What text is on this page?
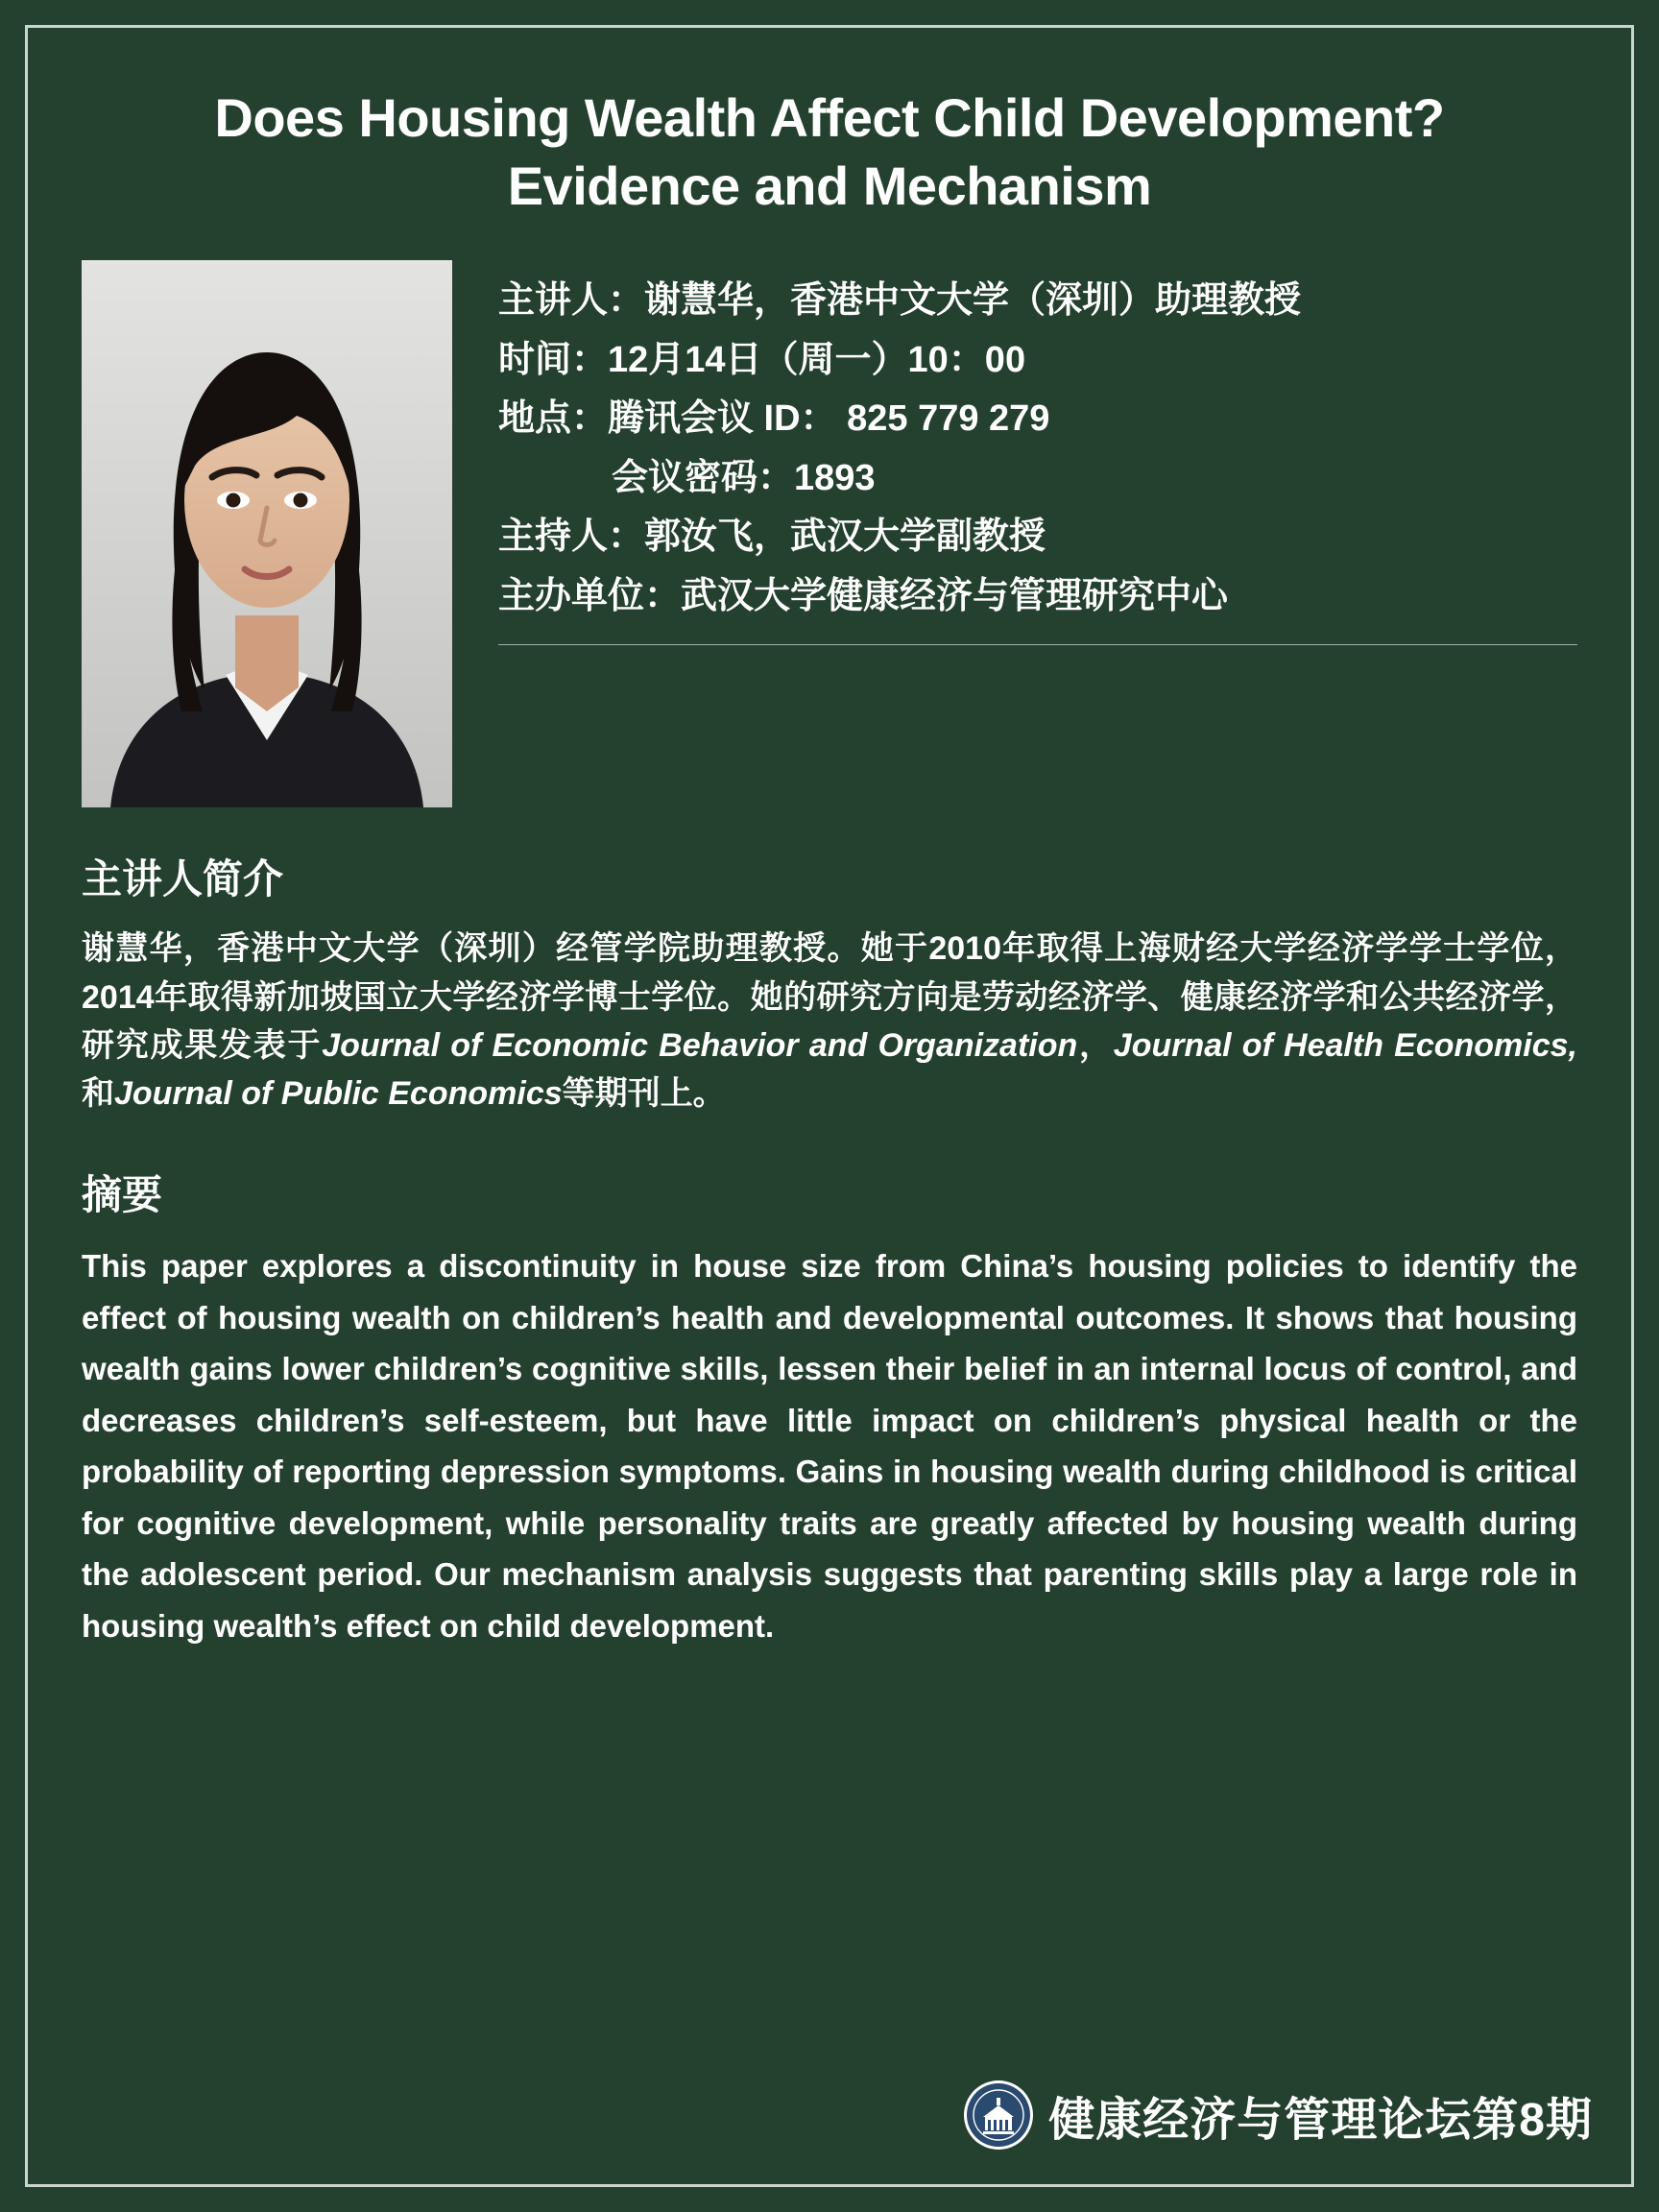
Does Housing Wealth Affect Child Development?
Evidence and Mechanism
主讲人：谢慧华，香港中文大学（深圳）助理教授
时间：12月14日（周一）10：00
地点：腾讯会议 ID： 825 779 279
会议密码：1893
主持人：郭汝飞，武汉大学副教授
主办单位：武汉大学健康经济与管理研究中心
主讲人简介
谢慧华，香港中文大学（深圳）经管学院助理教授。她于2010年取得上海财经大学经济学学士学位，2014年取得新加坡国立大学经济学博士学位。她的研究方向是劳动经济学、健康经济学和公共经济学，研究成果发表于Journal of Economic Behavior and Organization，Journal of Health Economics,和Journal of Public Economics等期刊上。
摘要
This paper explores a discontinuity in house size from China’s housing policies to identify the effect of housing wealth on children’s health and developmental outcomes. It shows that housing wealth gains lower children’s cognitive skills, lessen their belief in an internal locus of control, and decreases children’s self-esteem, but have little impact on children’s physical health or the probability of reporting depression symptoms. Gains in housing wealth during childhood is critical for cognitive development, while personality traits are greatly affected by housing wealth during the adolescent period. Our mechanism analysis suggests that parenting skills play a large role in housing wealth’s effect on child development.
健康经济与管理论坛第8期
